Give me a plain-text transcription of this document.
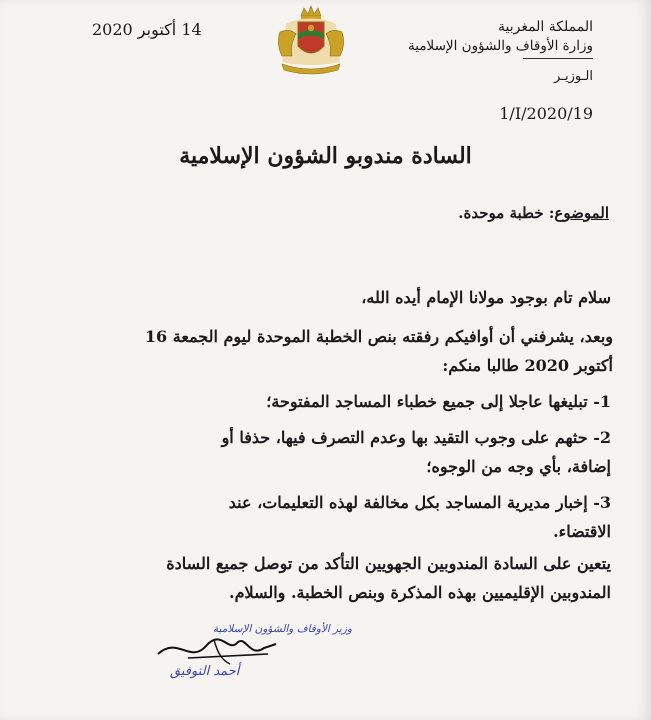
المملكة المغربية
وزارة الأوقاف والشؤون الإسلامية
الـوزيـر
1/I/2020/19
14 أكتوبر 2020
السادة مندوبو الشؤون الإسلامية
الموضوع: خطبة موحدة.
سلام تام بوجود مولانا الإمام أيده الله،
وبعد، يشرفني أن أوافيكم رفقته بنص الخطبة الموحدة ليوم الجمعة 16
أكتوبر 2020 طالبا منكم:
1- تبليغها عاجلا إلى جميع خطباء المساجد المفتوحة؛
2- حثهم على وجوب التقيد بها وعدم التصرف فيها، حذفا أو
إضافة، بأي وجه من الوجوه؛
3- إخبار مديرية المساجد بكل مخالفة لهذه التعليمات، عند
الاقتضاء.
يتعين على السادة المندوبين الجهويين التأكد من توصل جميع السادة
المندوبين الإقليميين بهذه المذكرة وبنص الخطبة. والسلام.
وزير الأوقاف والشؤون الإسلامية
أحمد التوفيق
